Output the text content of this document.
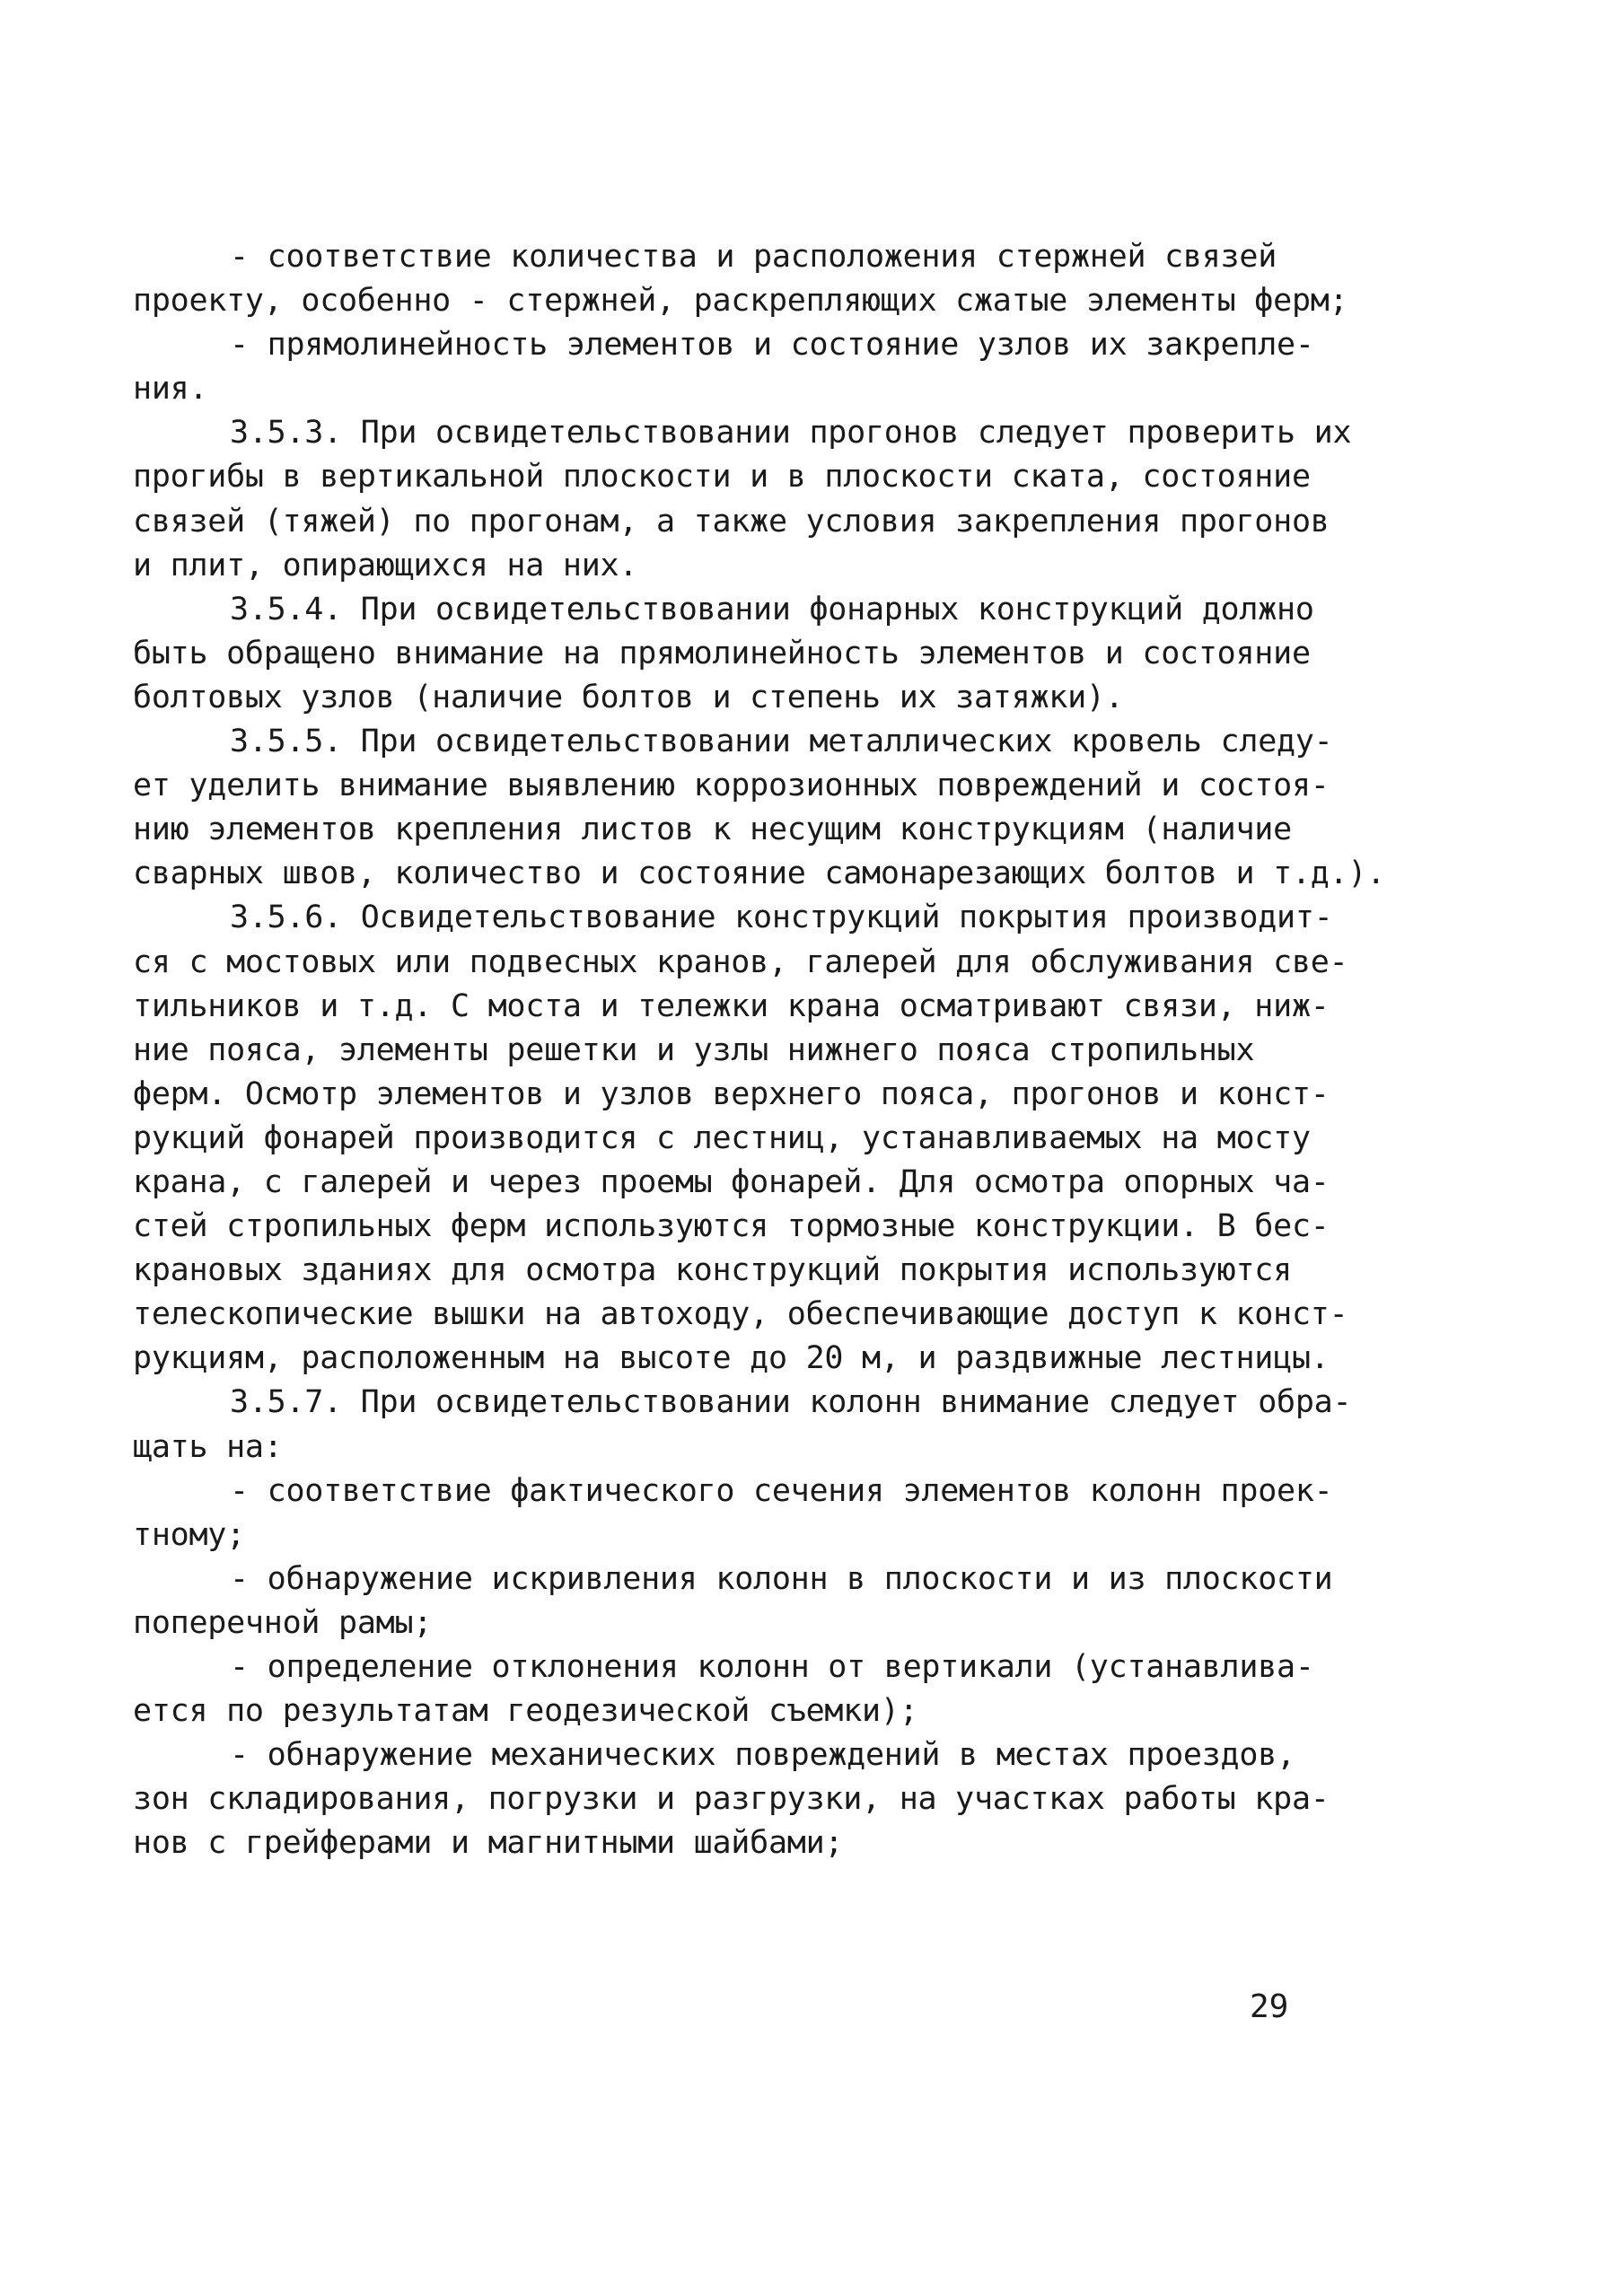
- соответствие количества и расположения стержней связей
проекту, особенно - стержней, раскрепляющих сжатые элементы ферм;
- прямолинейность элементов и состояние узлов их закрепле-
ния.
3.5.3. При освидетельствовании прогонов следует проверить их
прогибы в вертикальной плоскости и в плоскости ската, состояние
связей (тяжей) по прогонам, а также условия закрепления прогонов
и плит, опирающихся на них.
3.5.4. При освидетельствовании фонарных конструкций должно
быть обращено внимание на прямолинейность элементов и состояние
болтовых узлов (наличие болтов и степень их затяжки).
3.5.5. При освидетельствовании металлических кровель следу-
ет уделить внимание выявлению коррозионных повреждений и состоя-
нию элементов крепления листов к несущим конструкциям (наличие
сварных швов, количество и состояние самонарезающих болтов и т.д.).
3.5.6. Освидетельствование конструкций покрытия производит-
ся с мостовых или подвесных кранов, галерей для обслуживания све-
тильников и т.д. С моста и тележки крана осматривают связи, ниж-
ние пояса, элементы решетки и узлы нижнего пояса стропильных
ферм. Осмотр элементов и узлов верхнего пояса, прогонов и конст-
рукций фонарей производится с лестниц, устанавливаемых на мосту
крана, с галерей и через проемы фонарей. Для осмотра опорных ча-
стей стропильных ферм используются тормозные конструкции. В бес-
крановых зданиях для осмотра конструкций покрытия используются
телескопические вышки на автоходу, обеспечивающие доступ к конст-
рукциям, расположенным на высоте до 20 м, и раздвижные лестницы.
3.5.7. При освидетельствовании колонн внимание следует обра-
щать на:
- соответствие фактического сечения элементов колонн проек-
тному;
- обнаружение искривления колонн в плоскости и из плоскости
поперечной рамы;
- определение отклонения колонн от вертикали (устанавлива-
ется по результатам геодезической съемки);
- обнаружение механических повреждений в местах проездов,
зон складирования, погрузки и разгрузки, на участках работы кра-
нов с грейферами и магнитными шайбами;
29
